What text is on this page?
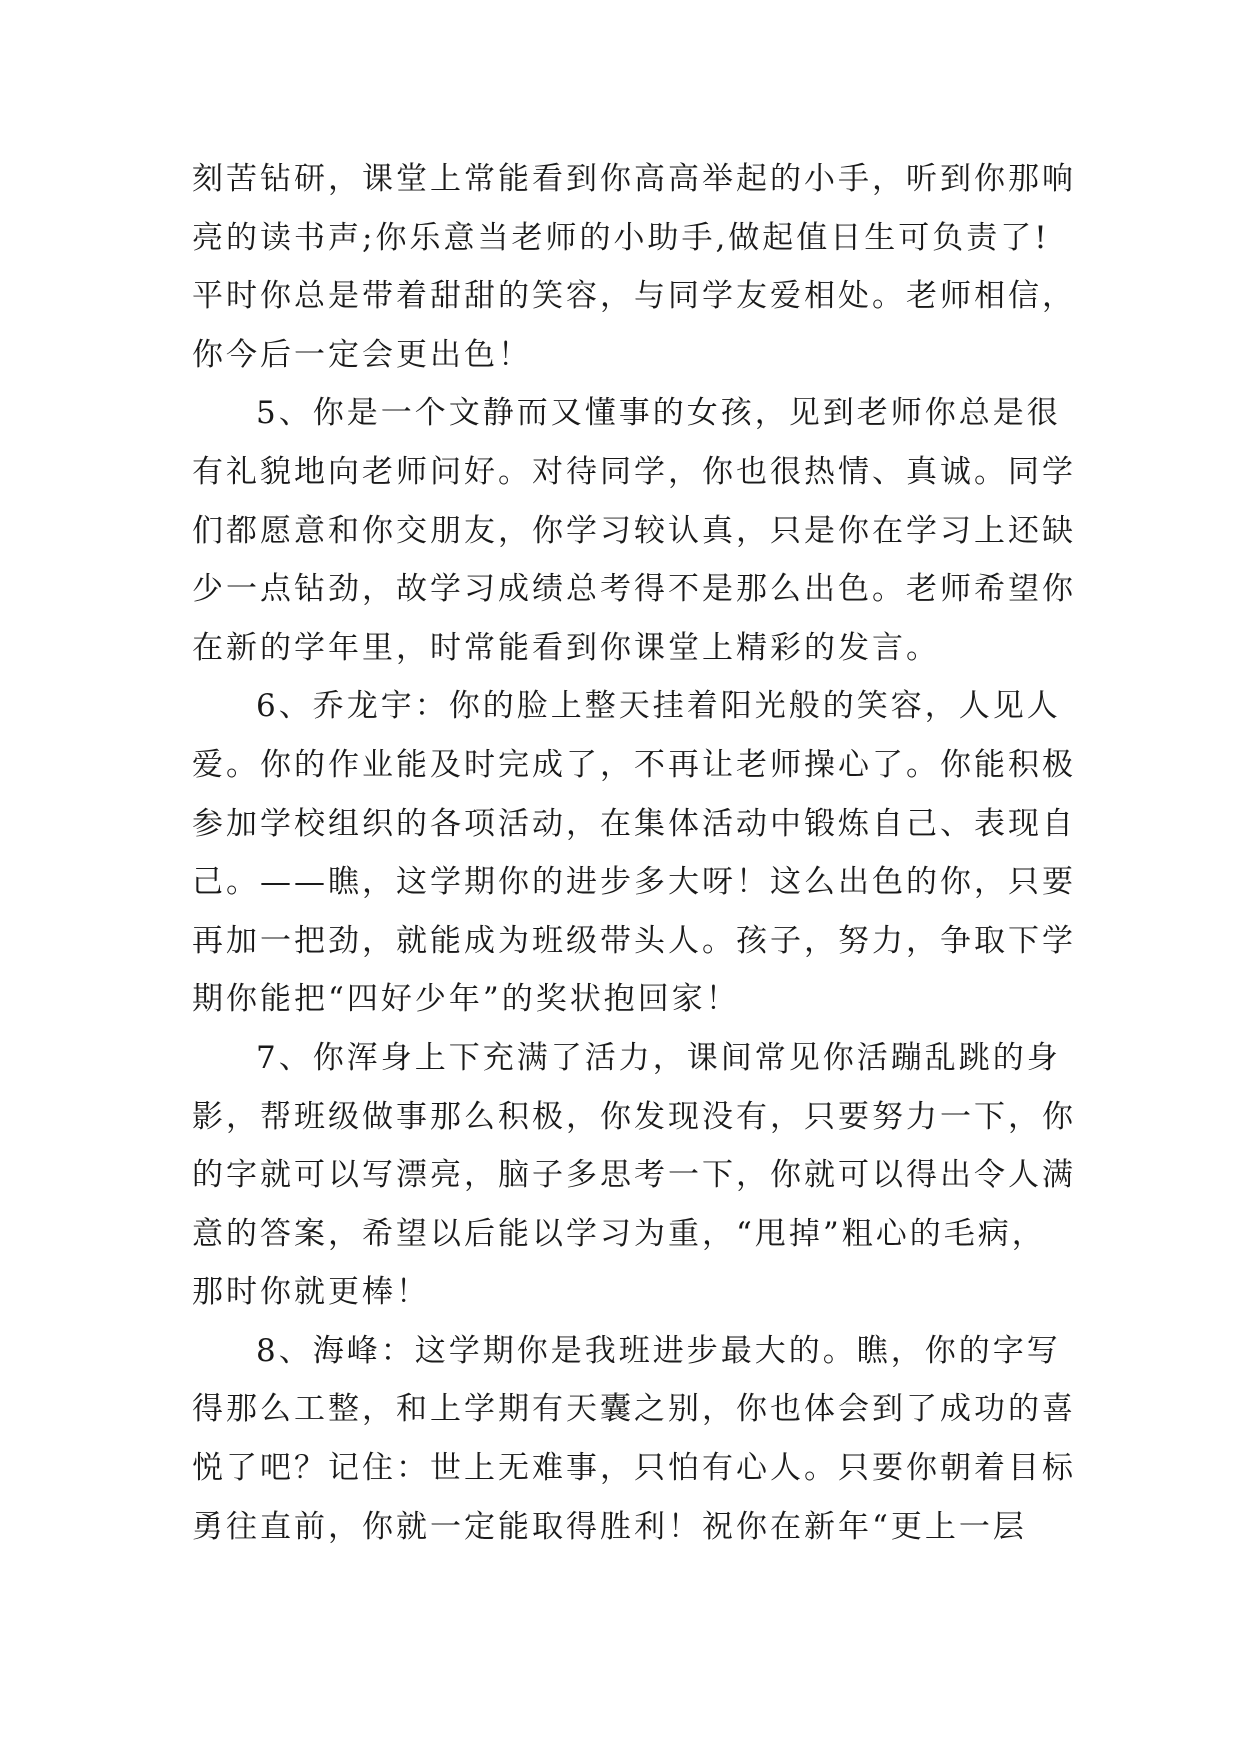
刻苦钻研，课堂上常能看到你高高举起的小手，听到你那响
亮的读书声;你乐意当老师的小助手,做起值日生可负责了!
平时你总是带着甜甜的笑容，与同学友爱相处。老师相信，
你今后一定会更出色！
5、你是一个文静而又懂事的女孩，见到老师你总是很
有礼貌地向老师问好。对待同学，你也很热情、真诚。同学
们都愿意和你交朋友，你学习较认真，只是你在学习上还缺
少一点钻劲，故学习成绩总考得不是那么出色。老师希望你
在新的学年里，时常能看到你课堂上精彩的发言。
6、乔龙宇：你的脸上整天挂着阳光般的笑容，人见人
爱。你的作业能及时完成了，不再让老师操心了。你能积极
参加学校组织的各项活动，在集体活动中锻炼自己、表现自
己。——瞧，这学期你的进步多大呀！这么出色的你，只要
再加一把劲，就能成为班级带头人。孩子，努力，争取下学
期你能把“四好少年”的奖状抱回家！
7、你浑身上下充满了活力，课间常见你活蹦乱跳的身
影，帮班级做事那么积极，你发现没有，只要努力一下，你
的字就可以写漂亮，脑子多思考一下，你就可以得出令人满
意的答案，希望以后能以学习为重，“甩掉”粗心的毛病，
那时你就更棒！
8、海峰：这学期你是我班进步最大的。瞧，你的字写
得那么工整，和上学期有天囊之别，你也体会到了成功的喜
悦了吧？记住：世上无难事，只怕有心人。只要你朝着目标
勇往直前，你就一定能取得胜利！祝你在新年“更上一层
